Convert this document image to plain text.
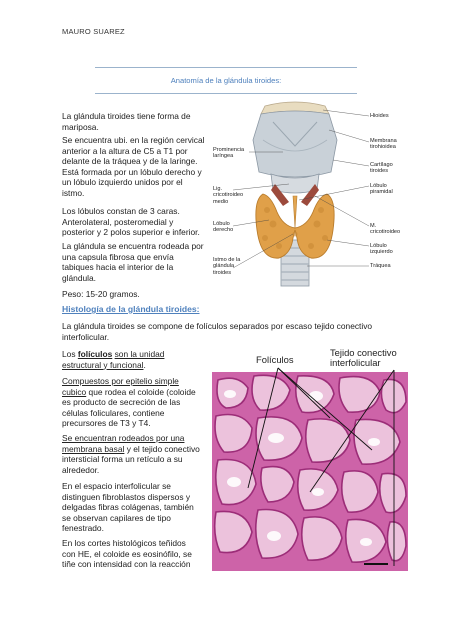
MAURO SUAREZ
Anatomía de la glándula tiroides:
La glándula tiroides tiene forma de
mariposa.
Se encuentra ubi. en la región cervical
anterior a la altura de C5 a T1 por
delante de la tráquea y de la laringe.
Está formada por un lóbulo derecho y
un lóbulo izquierdo unidos por el
istmo.
Los lóbulos constan de 3 caras.
Anterolateral, posteromedial y
posterior y 2 polos superior e inferior.
La glándula se encuentra rodeada por
una capsula fibrosa que envía
tabiques hacia el interior de la
glándula.
Peso: 15-20 gramos.
Histología de la glándula tiroides:
La glándula tiroides se compone de folículos separados por escaso tejido conectivo
interfolicular.
Los folículos son la unidad
estructural y funcional.
Compuestos por epitelio simple
cubico que rodea el coloide (coloide
es producto de secreción de las
células foliculares, contiene
precursores de T3 y T4.
Se encuentran rodeados por una
membrana basal y el tejido conectivo
intersticial forma un retículo a su
alrededor.
En el espacio interfolicular se
distinguen fibroblastos dispersos y
delgadas fibras colágenas, también
se observan capilares de tipo
fenestrado.
En los cortes histológicos teñidos
con HE, el coloide es eosinófilo, se
tiñe con intensidad con la reacción
Hioides
Membrana
tirohioidea
Prominencia
laríngea
Cartílago
tiroides
Lig.
cricotiroideo
medio
Lóbulo
piramidal
Lóbulo
derecho
M.
cricotiroideo
Lóbulo
izquierdo
Istmo de la
glándula
tiroides
Tráquea
Folículos
Tejido conectivo
interfolicular
